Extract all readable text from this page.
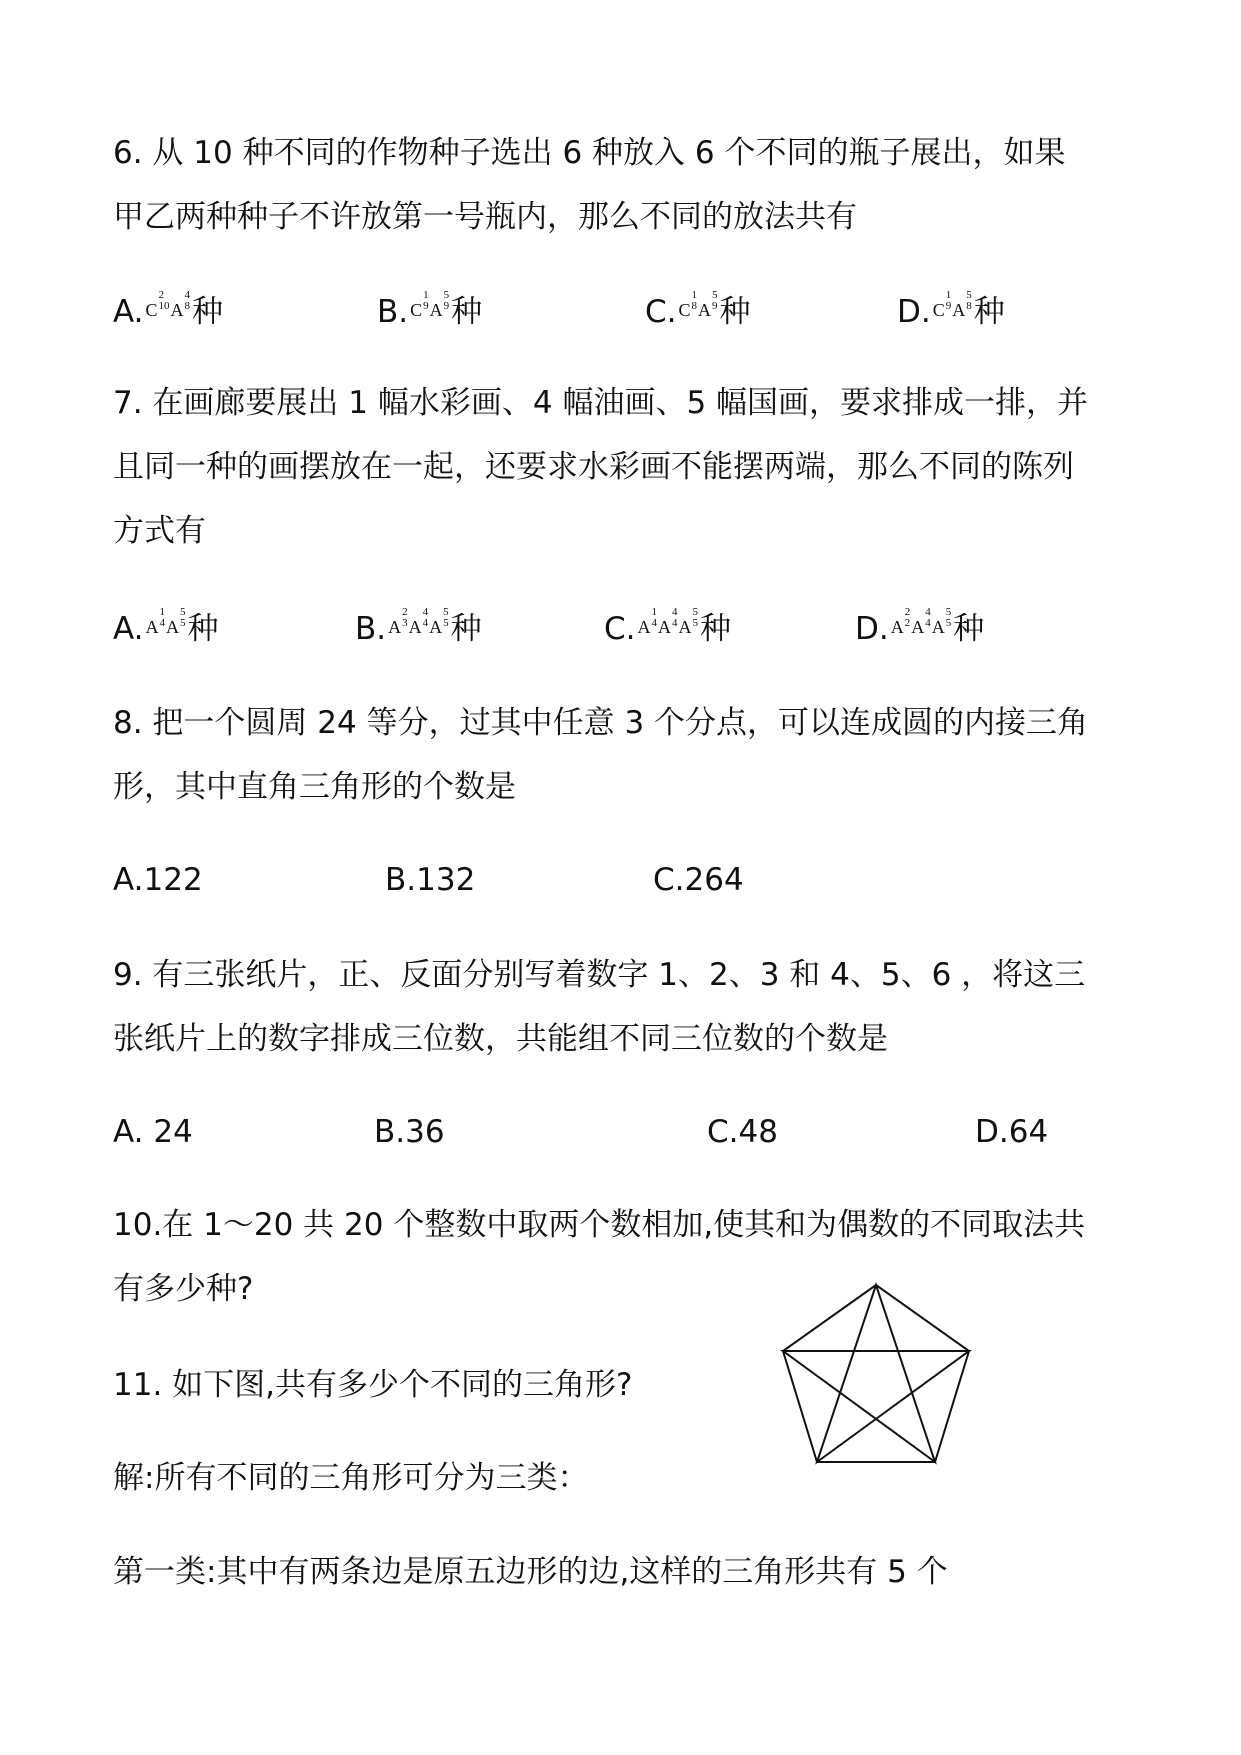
6. 从 10 种不同的作物种子选出 6 种放入 6 个不同的瓶子展出，如果
甲乙两种种子不许放第一号瓶内，那么不同的放法共有
A. C
2
10 A
4
8 种	B. C
1
9 A
5
9 种	C. C
1
8 A
5
9 种	D. C
1
9 A
5
8 种
7. 在画廊要展出 1 幅水彩画、4 幅油画、5 幅国画，要求排成一排，并
且同一种的画摆放在一起，还要求水彩画不能摆两端，那么不同的陈列
方式有
A. A
1
4 A
5
5 种	B. A
2
3 A
4
4 A
5
5 种	C. A
1
4 A
4
4 A
5
5 种	D. A
2
2 A
4
4 A
5
5 种
8. 把一个圆周 24 等分，过其中任意 3 个分点，可以连成圆的内接三角
形，其中直角三角形的个数是
A.122	B.132	C.264
9. 有三张纸片，正、反面分别写着数字 1、2、3 和 4、5、6 ，将这三
张纸片上的数字排成三位数，共能组不同三位数的个数是
A. 24	B.36	C.48	D.64
10.在 1～20 共 20 个整数中取两个数相加,使其和为偶数的不同取法共
有多少种?
11. 如下图,共有多少个不同的三角形?
解:所有不同的三角形可分为三类：
第一类:其中有两条边是原五边形的边,这样的三角形共有 5 个
